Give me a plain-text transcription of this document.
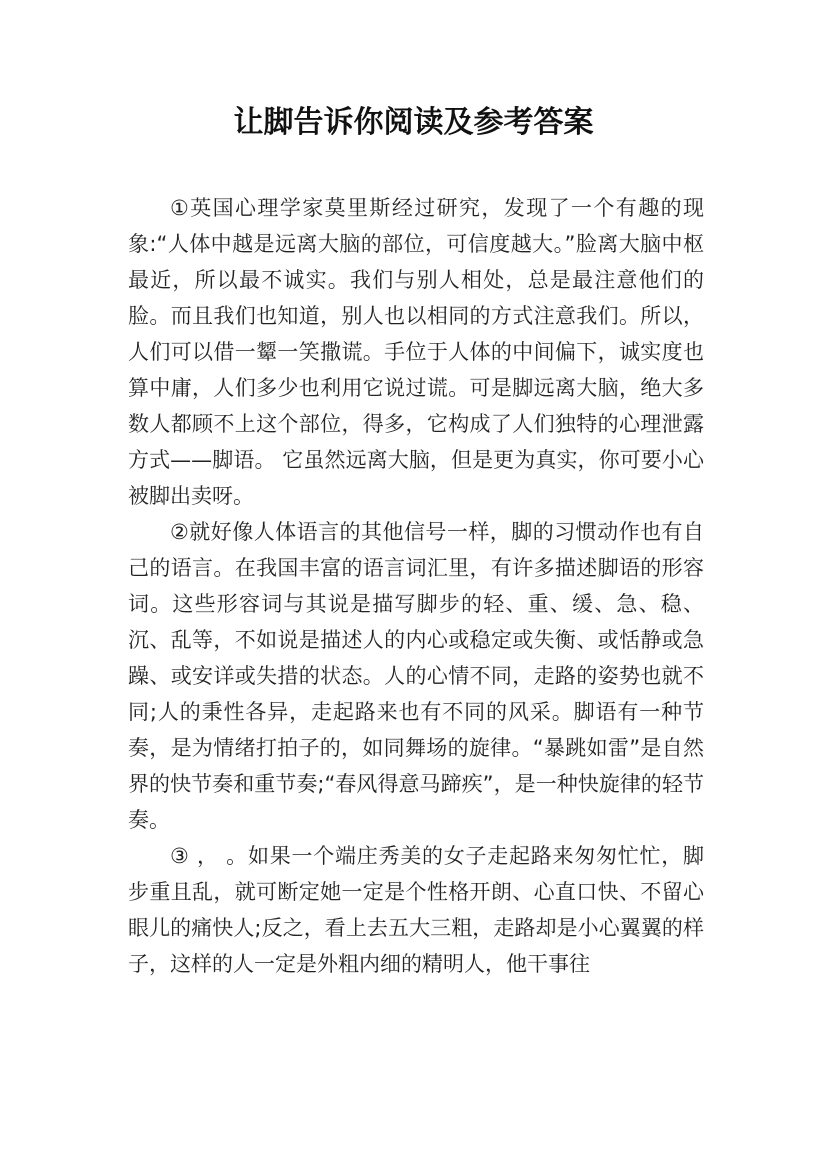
让脚告诉你阅读及参考答案

①英国心理学家莫里斯经过研究，发现了一个有趣的现象:“人体中越是远离大脑的部位，可信度越大。”脸离大脑中枢最近，所以最不诚实。我们与别人相处，总是最注意他们的脸。而且我们也知道，别人也以相同的方式注意我们。所以，人们可以借一颦一笑撒谎。手位于人体的中间偏下，诚实度也算中庸，人们多少也利用它说过谎。可是脚远离大脑，绝大多数人都顾不上这个部位，得多，它构成了人们独特的心理泄露方式——脚语。 它虽然远离大脑，但是更为真实，你可要小心被脚出卖呀。

②就好像人体语言的其他信号一样，脚的习惯动作也有自己的语言。在我国丰富的语言词汇里，有许多描述脚语的形容词。这些形容词与其说是描写脚步的轻、重、缓、急、稳、沉、乱等，不如说是描述人的内心或稳定或失衡、或恬静或急躁、或安详或失措的状态。人的心情不同，走路的姿势也就不同;人的秉性各异，走起路来也有不同的风采。脚语有一种节奏，是为情绪打拍子的，如同舞场的旋律。“暴跳如雷”是自然界的快节奏和重节奏;“春风得意马蹄疾”，是一种快旋律的轻节奏。

③ ， 。如果一个端庄秀美的女子走起路来匆匆忙忙，脚步重且乱，就可断定她一定是个性格开朗、心直口快、不留心眼儿的痛快人;反之，看上去五大三粗，走路却是小心翼翼的样子，这样的人一定是外粗内细的精明人，他干事往
